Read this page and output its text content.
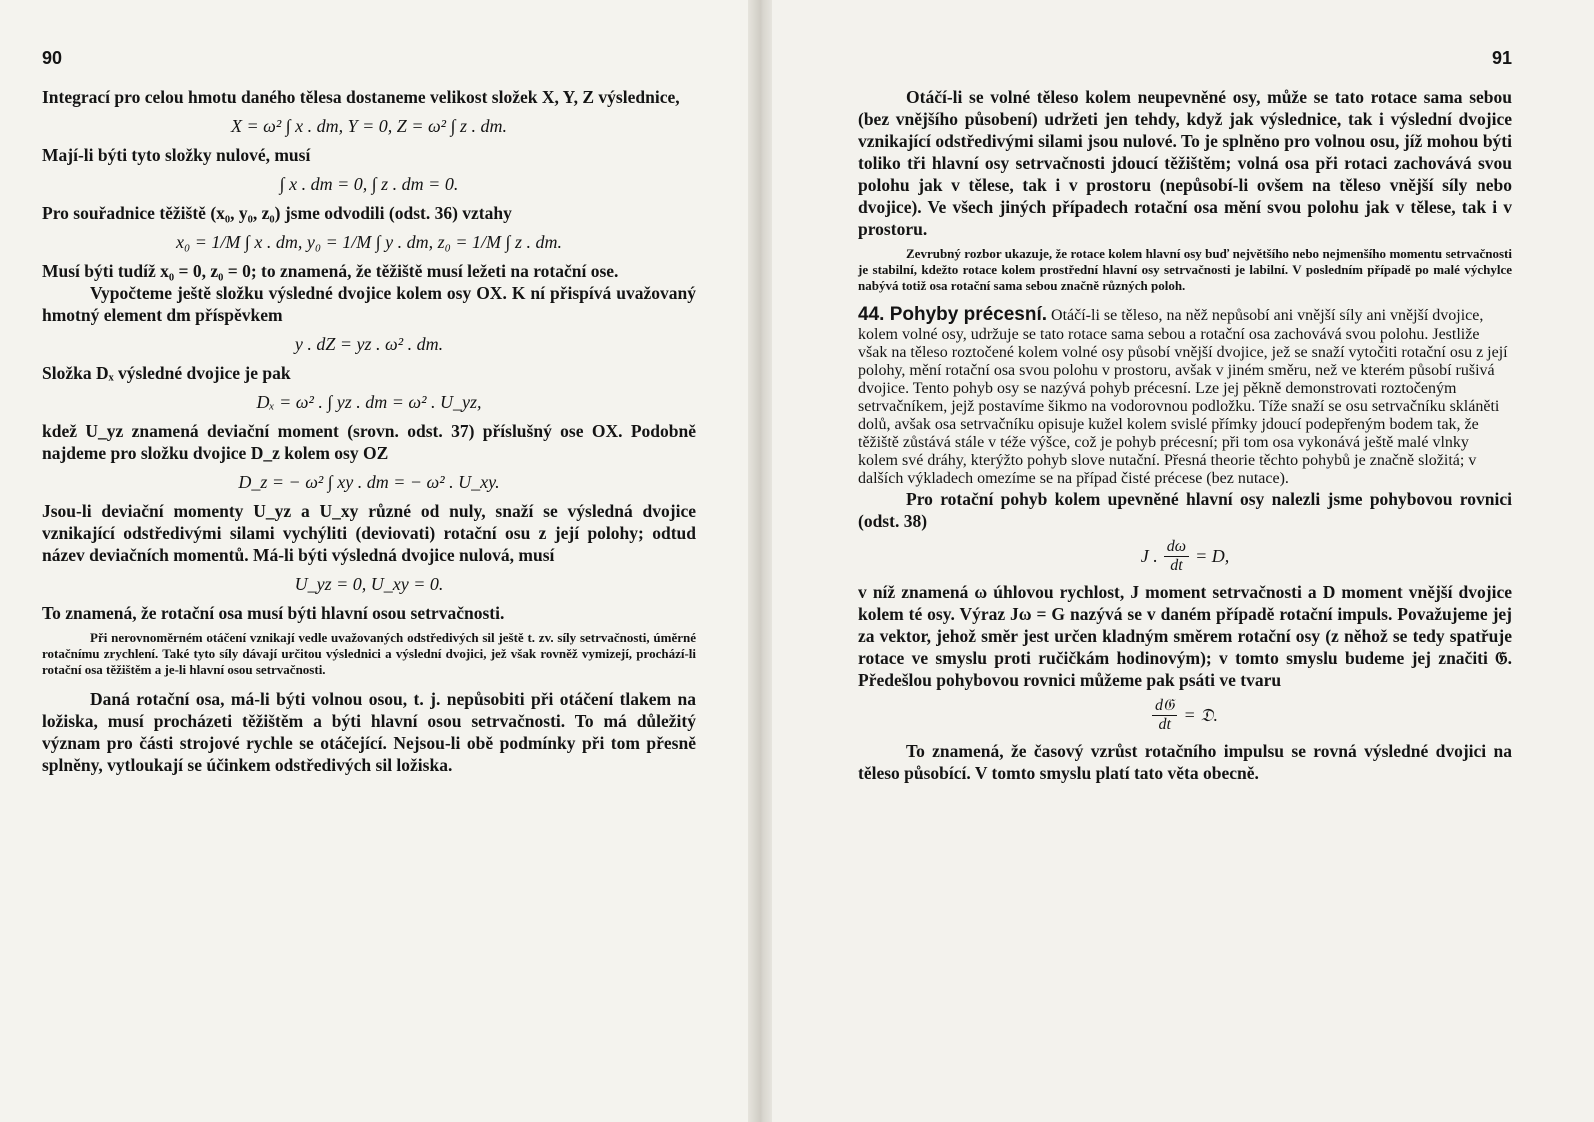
90

Integrací pro celou hmotu daného tělesa dostaneme velikost složek X, Y, Z výslednice,

X = ω² ∫ x . dm, Y = 0, Z = ω² ∫ z . dm.

Mají-li býti tyto složky nulové, musí

∫ x . dm = 0, ∫ z . dm = 0.

Pro souřadnice těžiště (x₀, y₀, z₀) jsme odvodili (odst. 36) vztahy

x₀ = 1/M ∫ x . dm, y₀ = 1/M ∫ y . dm, z₀ = 1/M ∫ z . dm.

Musí býti tudíž x₀ = 0, z₀ = 0; to znamená, že těžiště musí ležeti na rotační ose.

Vypočteme ještě složku výsledné dvojice kolem osy OX. K ní přispívá uvažovaný hmotný element dm příspěvkem

y . dZ = yz . ω² . dm.

Složka Dₓ výsledné dvojice je pak

Dₓ = ω² . ∫ yz . dm = ω² . U_yz,

kdež U_yz znamená deviační moment (srovn. odst. 37) příslušný ose OX. Podobně najdeme pro složku dvojice D_z kolem osy OZ

D_z = − ω² ∫ xy . dm = − ω² . U_xy.

Jsou-li deviační momenty U_yz a U_xy různé od nuly, snaží se výsledná dvojice vznikající odstředivými silami vychýliti (deviovati) rotační osu z její polohy; odtud název deviačních momentů. Má-li býti výsledná dvojice nulová, musí

U_yz = 0, U_xy = 0.

To znamená, že rotační osa musí býti hlavní osou setrvačnosti.

Při nerovnoměrném otáčení vznikají vedle uvažovaných odstředivých sil ještě t. zv. síly setrvačnosti, úměrné rotačnímu zrychlení. Také tyto síly dávají určitou výslednici a výslední dvojici, jež však rovněž vymizejí, prochází-li rotační osa těžištěm a je-li hlavní osou setrvačnosti.

Daná rotační osa, má-li býti volnou osou, t. j. nepůsobiti při otáčení tlakem na ložiska, musí procházeti těžištěm a býti hlavní osou setrvačnosti. To má důležitý význam pro části strojové rychle se otáčející. Nejsou-li obě podmínky při tom přesně splněny, vytloukají se účinkem odstředivých sil ložiska.

91

Otáčí-li se volné těleso kolem neupevněné osy, může se tato rotace sama sebou (bez vnějšího působení) udržeti jen tehdy, když jak výslednice, tak i výslední dvojice vznikající odstředivými silami jsou nulové. To je splněno pro volnou osu, jíž mohou býti toliko tři hlavní osy setrvačnosti jdoucí těžištěm; volná osa při rotaci zachovává svou polohu jak v tělese, tak i v prostoru (nepůsobí-li ovšem na těleso vnější síly nebo dvojice). Ve všech jiných případech rotační osa mění svou polohu jak v tělese, tak i v prostoru.

Zevrubný rozbor ukazuje, že rotace kolem hlavní osy buď největšího nebo nejmenšího momentu setrvačnosti je stabilní, kdežto rotace kolem prostřední hlavní osy setrvačnosti je labilní. V posledním případě po malé výchylce nabývá totiž osa rotační sama sebou značně různých poloh.

44. Pohyby précesní. Otáčí-li se těleso, na něž nepůsobí ani vnější síly ani vnější dvojice, kolem volné osy, udržuje se tato rotace sama sebou a rotační osa zachovává svou polohu. Jestliže však na těleso roztočené kolem volné osy působí vnější dvojice, jež se snaží vytočiti rotační osu z její polohy, mění rotační osa svou polohu v prostoru, avšak v jiném směru, než ve kterém působí rušivá dvojice. Tento pohyb osy se nazývá pohyb précesní. Lze jej pěkně demonstrovati roztočeným setrvačníkem, jejž postavíme šikmo na vodorovnou podložku. Tíže snaží se osu setrvačníku skláněti dolů, avšak osa setrvačníku opisuje kužel kolem svislé přímky jdoucí podepřeným bodem tak, že těžiště zůstává stále v téže výšce, což je pohyb précesní; při tom osa vykonává ještě malé vlnky kolem své dráhy, kterýžto pohyb slove nutační. Přesná theorie těchto pohybů je značně složitá; v dalších výkladech omezíme se na případ čisté précese (bez nutace).

Pro rotační pohyb kolem upevněné hlavní osy nalezli jsme pohybovou rovnici (odst. 38)

J . $\frac{d\omega}{dt} = D$,

v níž znamená ω úhlovou rychlost, J moment setrvačnosti a D moment vnější dvojice kolem té osy. Výraz Jω = G nazývá se v daném případě rotační impuls. Považujeme jej za vektor, jehož směr jest určen kladným směrem rotační osy (z něhož se tedy spatřuje rotace ve smyslu proti ručičkám hodinovým); v tomto smyslu budeme jej značiti 𝔊. Předešlou pohybovou rovnici můžeme pak psáti ve tvaru

$\frac{\text{d𝔊}}{dt}$ = 𝔇.

To znamená, že časový vzrůst rotačního impulsu se rovná výsledné dvojici na těleso působící. V tomto smyslu platí tato věta obecně.
